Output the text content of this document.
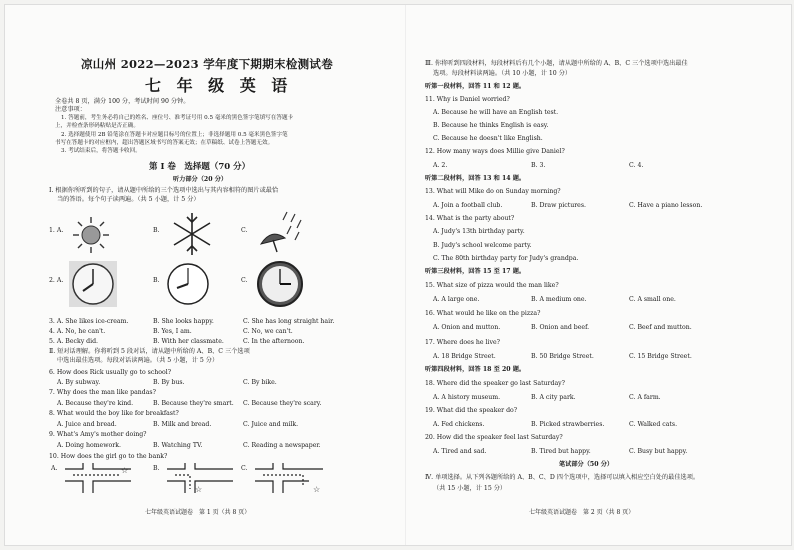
凉山州 2022—2023 学年度下期期末检测试卷
七 年 级 英 语
全卷共 8 页，满分 100 分，考试时间 90 分钟。
注意事项：
1. 答题前，考生务必将自己的姓名、座位号、准考证号用 0.5 毫米的黑色签字笔填写在答题卡
上，并检查条形码粘贴是否正确。
2. 选择题使用 2B 铅笔涂在答题卡对应题目标号的位置上；非选择题用 0.5 毫米黑色签字笔
书写在答题卡的对应框内，超出答题区域书写的答案无效；在草稿纸、试卷上答题无效。
3. 考试结束后，将答题卡收回。
第 Ⅰ 卷　选择题（70 分）
听力部分（20 分）
Ⅰ. 根据你所听到的句子，请从题中所给的三个选项中选出与其内容相符的图片或最恰
当的答语。每个句子读两遍。（共 5 小题，计 5 分）
1. A.	B.	C.
2. A.	B.	C.
3. A. She likes ice-cream.	B. She looks happy.	C. She has long straight hair.
4. A. No, he can't.	B. Yes, I am.	C. No, we can't.
5. A. Becky did.	B. With her classmate.	C. In the afternoon.
Ⅱ. 短对话理解。你将听到 5 段对话，请从题中所给的 A、B、C 三个选项
中选出最佳选项。每段对话读两遍。（共 5 小题，计 5 分）
6. How does Rick usually go to school?
A. By subway.	B. By bus.	C. By bike.
7. Why does the man like pandas?
A. Because they're kind.	B. Because they're smart. C. Because they're scary.
8. What would the boy like for breakfast?
A. Juice and bread.	B. Milk and bread.	C. Juice and milk.
9. What's Amy's mother doing?
A. Doing homework.	B. Watching TV.	C. Reading a newspaper.
10. How does the girl go to the bank?
A.	☆	B.
☆
C.
☆
七年级英语试题卷　第 1 页（共 8 页）
Ⅲ. 你将听到四段材料，每段材料后有几个小题，请从题中所给的 A、B、C 三个选项中选出最佳
选项。每段材料读两遍。（共 10 小题，计 10 分）
听第一段材料，回答 11 和 12 题。
11. Why is Daniel worried?
A. Because he will have an English test.
B. Because he thinks English is easy.
C. Because he doesn't like English.
12. How many ways does Millie give Daniel?
A. 2.	B. 3.	C. 4.
听第二段材料，回答 13 和 14 题。
13. What will Mike do on Sunday morning?
A. Join a football club.	B. Draw pictures.	C. Have a piano lesson.
14. What is the party about?
A. Judy's 13th birthday party.
B. Judy's school welcome party.
C. The 80th birthday party for Judy's grandpa.
听第三段材料，回答 15 至 17 题。
15. What size of pizza would the man like?
A. A large one.	B. A medium one.	C. A small one.
16. What would he like on the pizza?
A. Onion and mutton.	B. Onion and beef.	C. Beef and mutton.
17. Where does he live?
A. 18 Bridge Street.	B. 50 Bridge Street.	C. 15 Bridge Street.
听第四段材料，回答 18 至 20 题。
18. Where did the speaker go last Saturday?
A. A history museum.	B. A city park.	C. A farm.
19. What did the speaker do?
A. Fed chickens.	B. Picked strawberries.	C. Walked cats.
20. How did the speaker feel last Saturday?
A. Tired and sad.	B. Tired but happy.	C. Busy but happy.
笔试部分（50 分）
Ⅳ. 单项选择。从下列各题所给的 A、B、C、D 四个选项中，选择可以填入相应空白处的最佳选项。
（共 15 小题，计 15 分）
七年级英语试题卷　第 2 页（共 8 页）
